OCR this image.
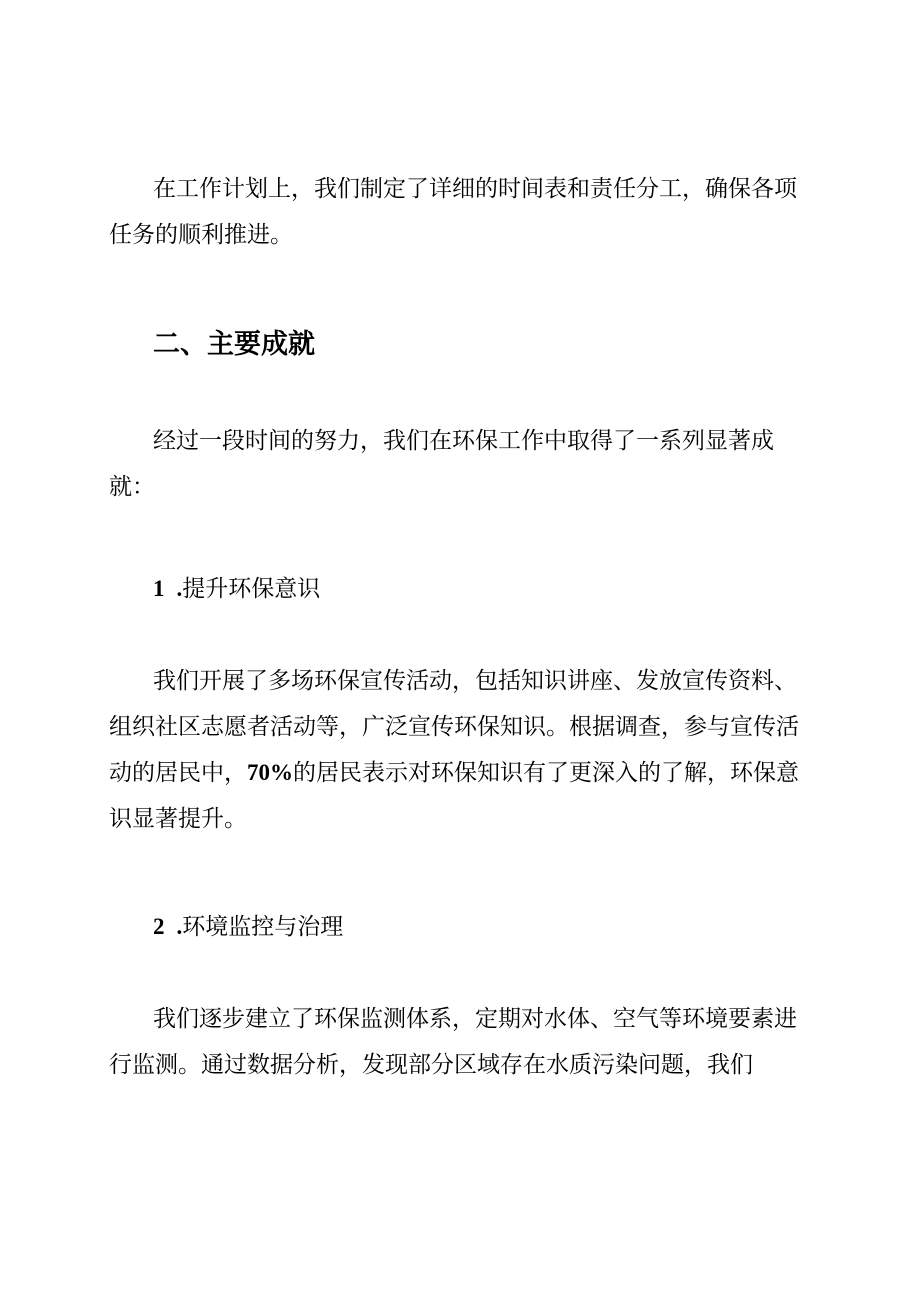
在工作计划上，我们制定了详细的时间表和责任分工，确保各项
任务的顺利推进。
二、主要成就
经过一段时间的努力，我们在环保工作中取得了一系列显著成
就：
1 .提升环保意识
我们开展了多场环保宣传活动，包括知识讲座、发放宣传资料、
组织社区志愿者活动等，广泛宣传环保知识。根据调查，参与宣传活
动的居民中，70%的居民表示对环保知识有了更深入的了解，环保意
识显著提升。
2 .环境监控与治理
我们逐步建立了环保监测体系，定期对水体、空气等环境要素进
行监测。通过数据分析，发现部分区域存在水质污染问题，我们
